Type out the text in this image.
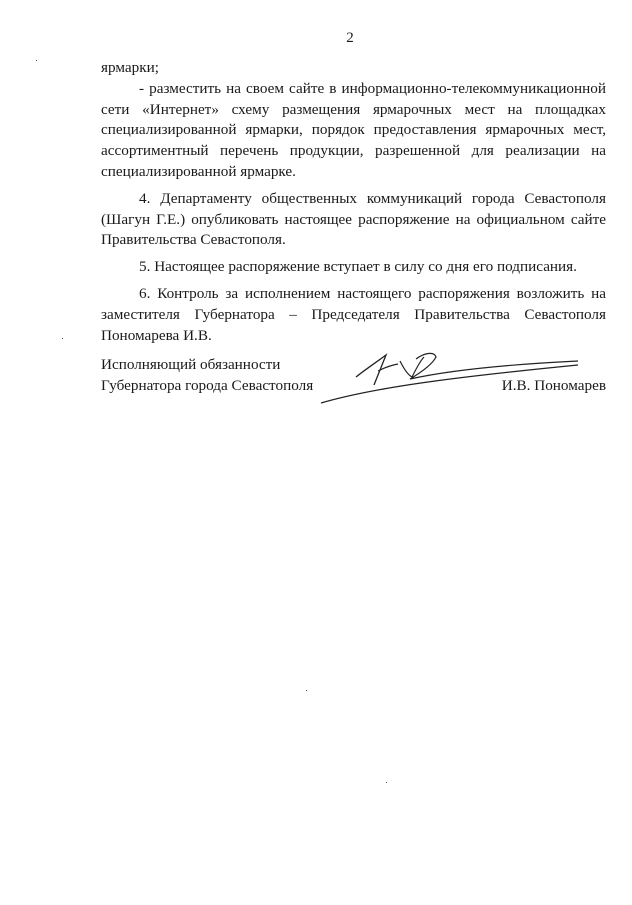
2

ярмарки;

- разместить на своем сайте в информационно-телекоммуникационной сети «Интернет» схему размещения ярмарочных мест на площадках специализированной ярмарки, порядок предоставления ярмарочных мест, ассортиментный перечень продукции, разрешенной для реализации на специализированной ярмарке.

4. Департаменту общественных коммуникаций города Севастополя (Шагун Г.Е.) опубликовать настоящее распоряжение на официальном сайте Правительства Севастополя.

5. Настоящее распоряжение вступает в силу со дня его подписания.

6. Контроль за исполнением настоящего распоряжения возложить на заместителя Губернатора – Председателя Правительства Севастополя Пономарева И.В.

Исполняющий обязанности
Губернатора города Севастополя	И.В. Пономарев
